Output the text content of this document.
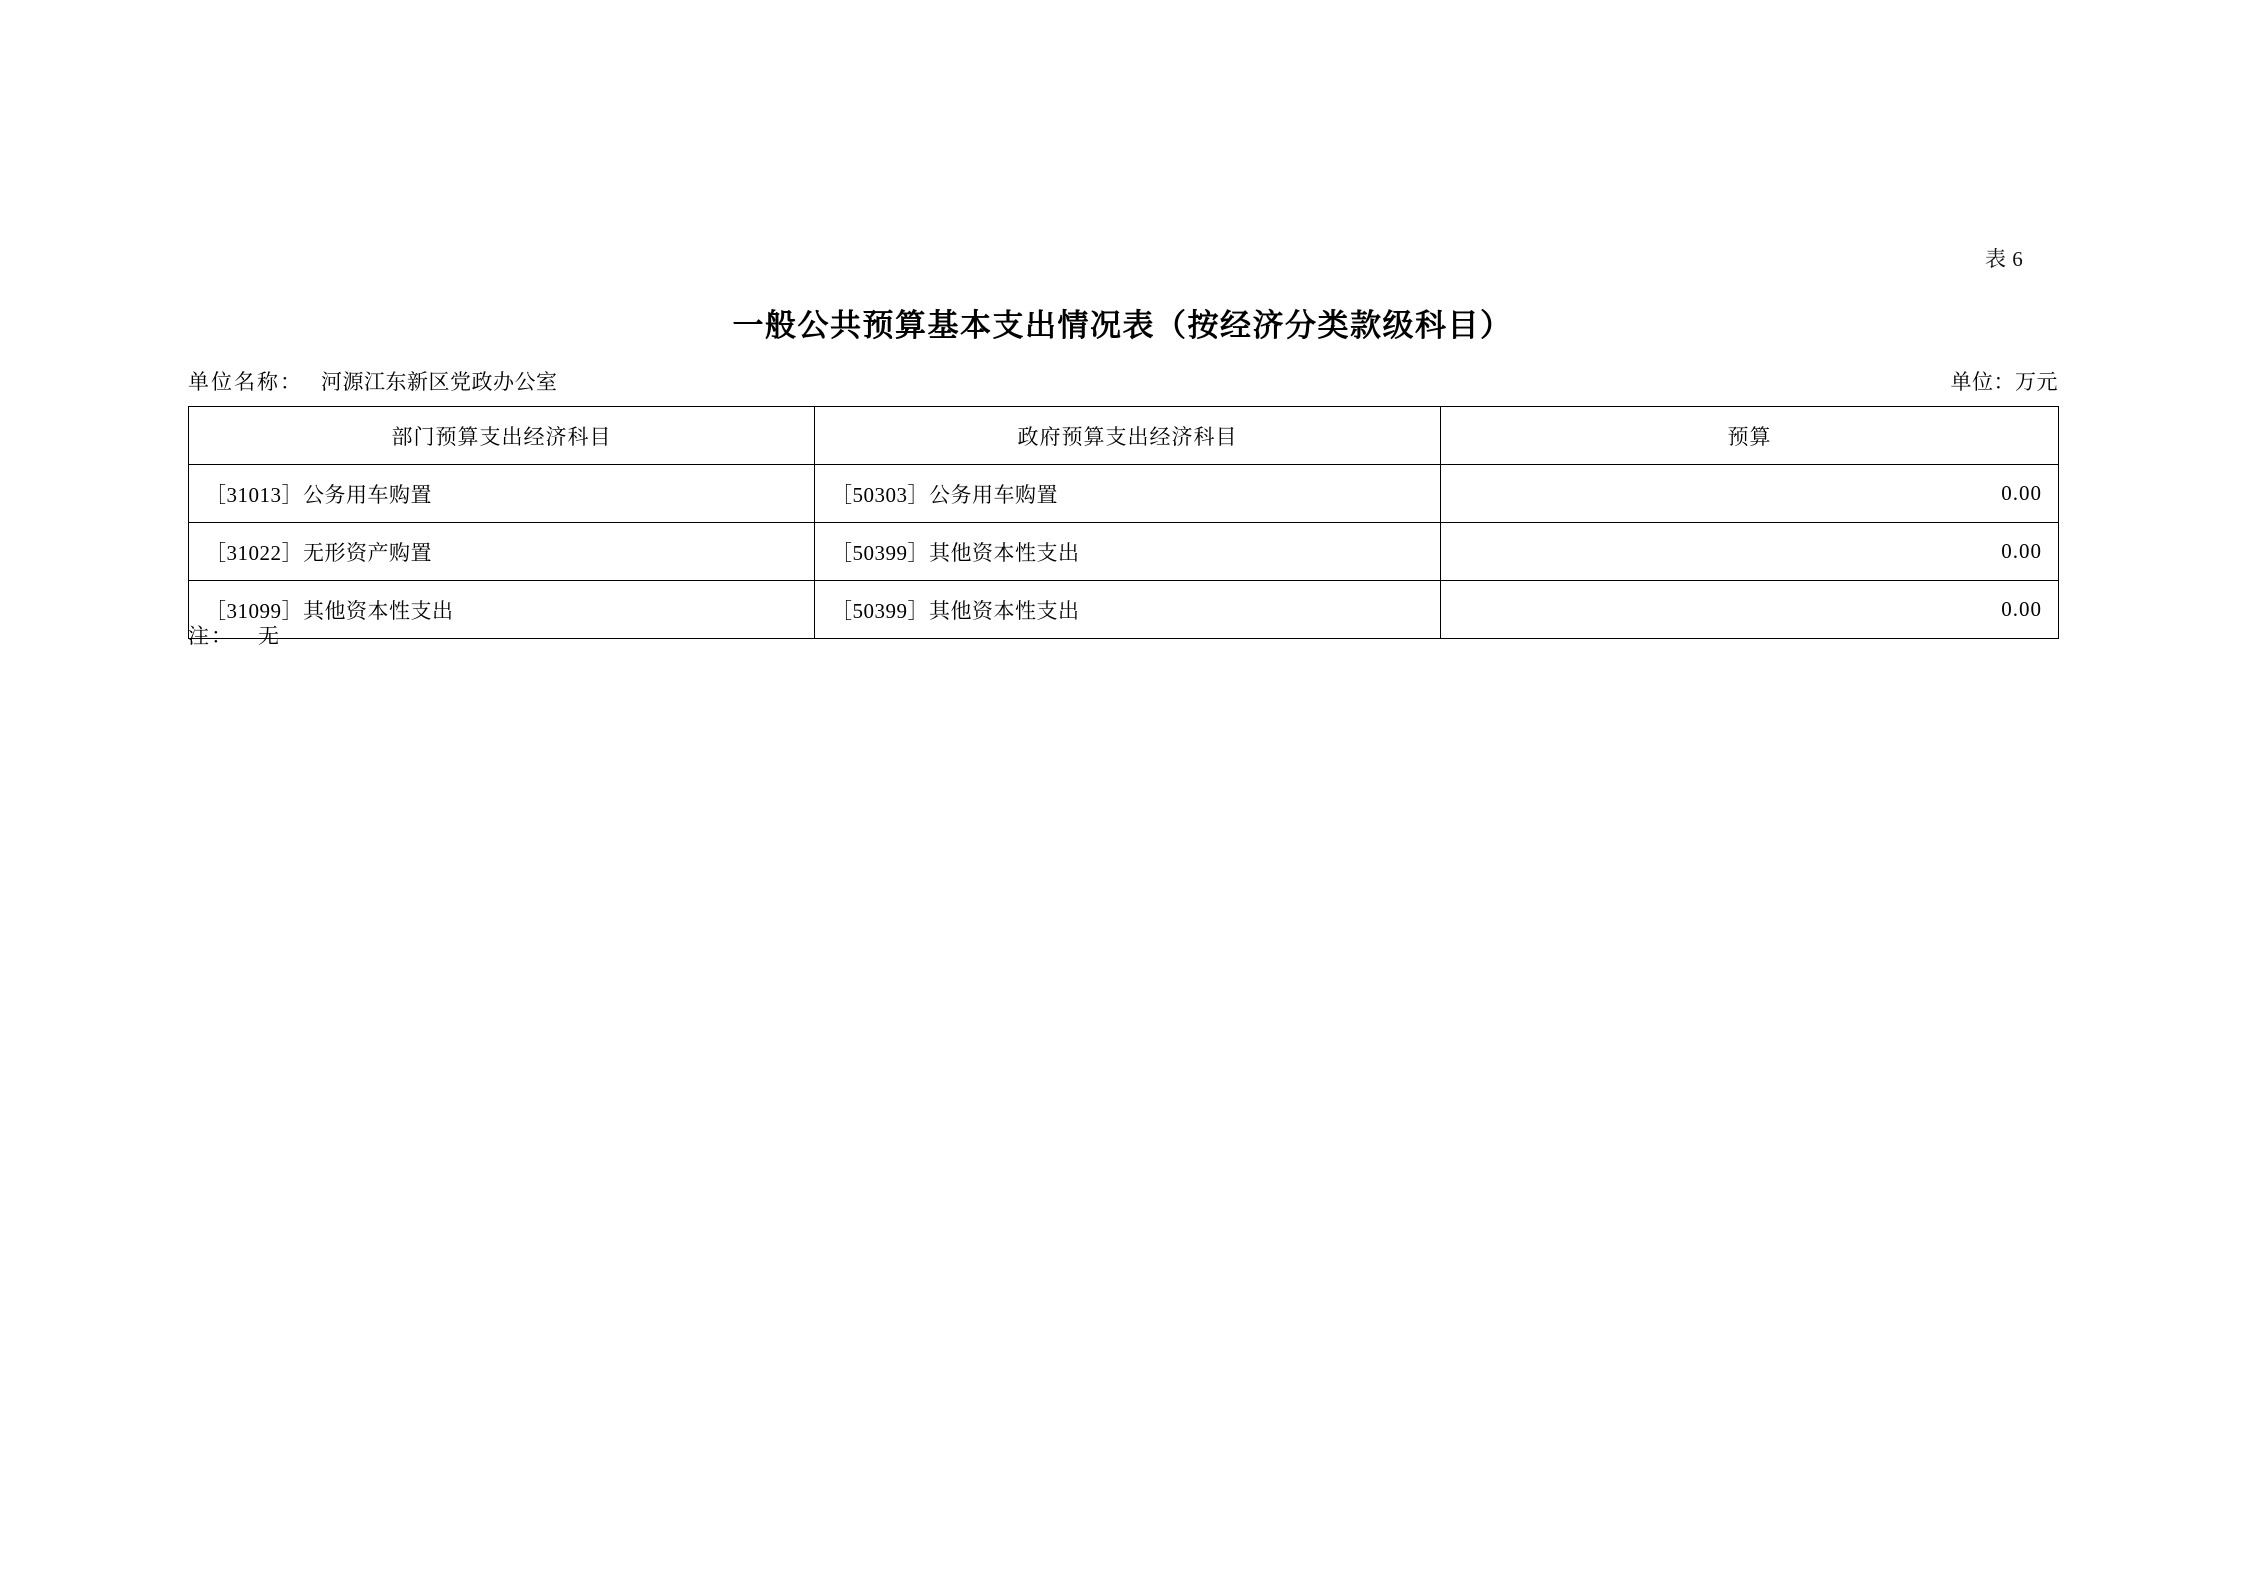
表 6
一般公共预算基本支出情况表（按经济分类款级科目）
单位名称： 河源江东新区党政办公室	单位：万元
部门预算支出经济科目	政府预算支出经济科目	预算
［31013］公务用车购置	［50303］公务用车购置	0.00
［31022］无形资产购置	［50399］其他资本性支出	0.00
［31099］其他资本性支出	［50399］其他资本性支出	0.00
注： 无
